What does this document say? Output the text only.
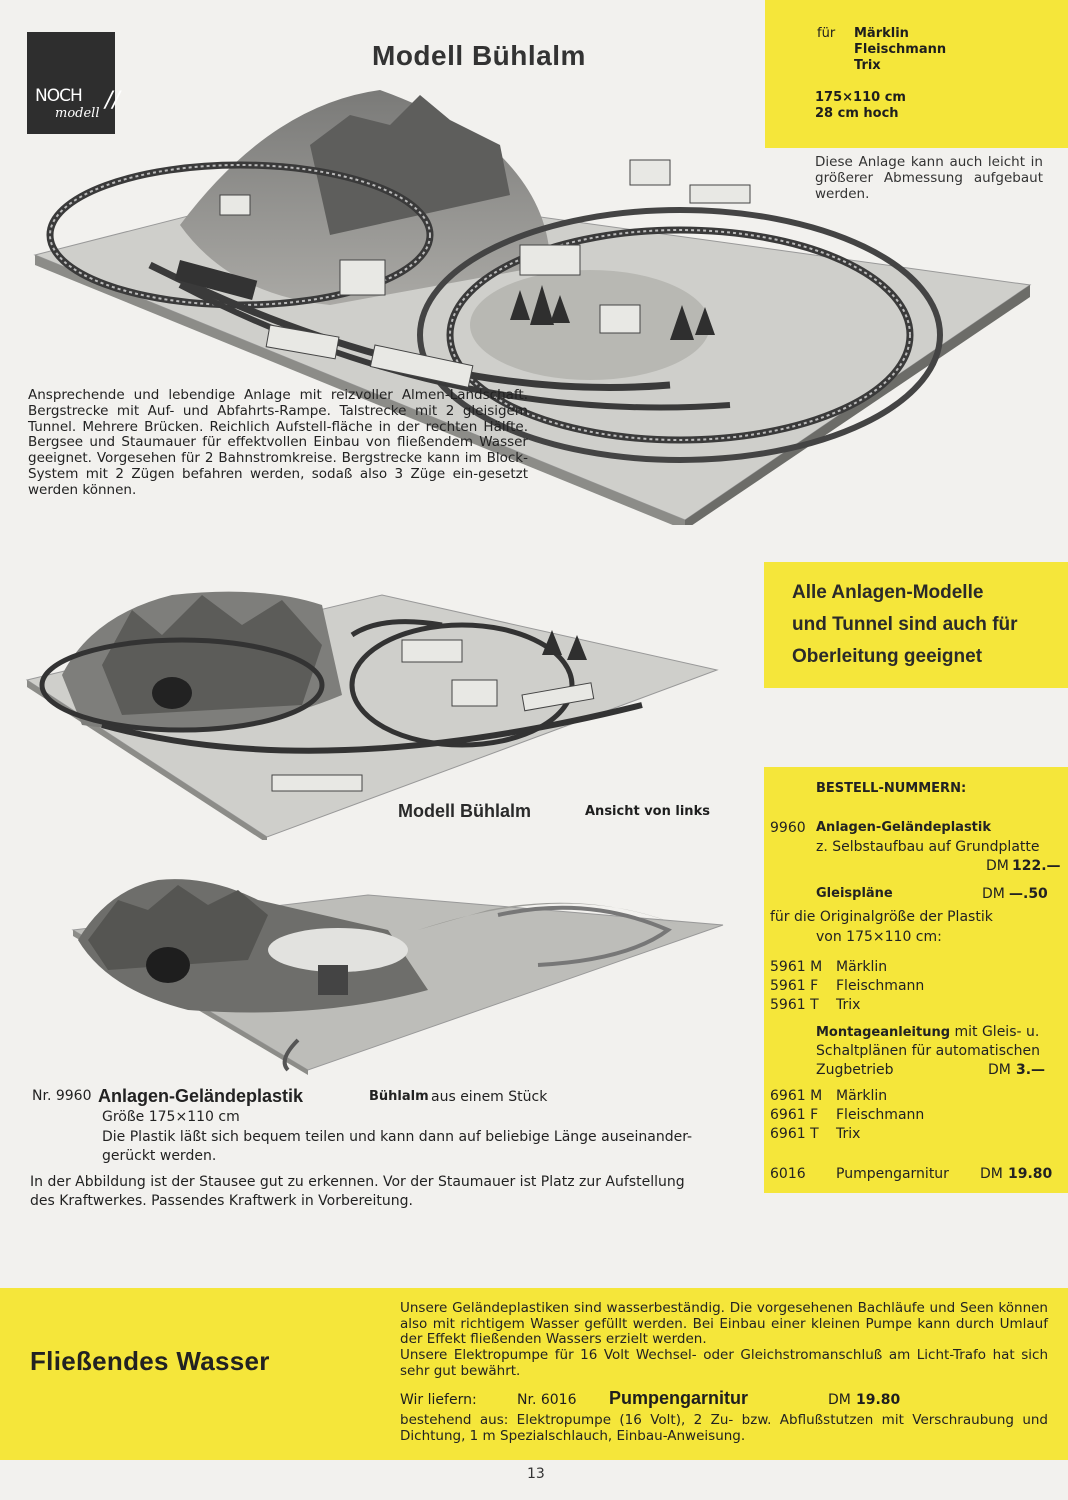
NOCH
modell
//
Modell Bühlalm
für Märklin
Fleischmann
Trix
175×110 cm
28 cm hoch
Diese Anlage kann auch leicht in größerer Abmessung aufgebaut werden.
Ansprechende und lebendige Anlage mit reizvoller Almen-Landschaft. Bergstrecke mit Auf- und Abfahrts-Rampe. Talstrecke mit 2 gleisigem Tunnel. Mehrere Brücken. Reichlich Aufstell-fläche in der rechten Hälfte. Bergsee und Staumauer für effektvollen Einbau von fließendem Wasser geeignet. Vorgesehen für 2 Bahnstromkreise. Bergstrecke kann im Block-System mit 2 Zügen befahren werden, sodaß also 3 Züge ein-gesetzt werden können.
Alle Anlagen-Modelle
und Tunnel sind auch für
Oberleitung geeignet
Modell Bühlalm	Ansicht von links
BESTELL-NUMMERN:
9960 Anlagen-Geländeplastik
z. Selbstaufbau auf Grundplatte
DM 122.—
Gleispläne	DM —.50
für die Originalgröße der Plastik
von 175×110 cm:
5961 M Märklin
5961 F Fleischmann
5961 T Trix
Montageanleitung mit Gleis- u.
Schaltplänen für automatischen
Zugbetrieb	DM 3.—
6961 M Märklin
6961 F Fleischmann
6961 T Trix
6016 Pumpengarnitur DM 19.80
Nr. 9960 Anlagen-Geländeplastik	Bühlalm aus einem Stück
Größe 175×110 cm
Die Plastik läßt sich bequem teilen und kann dann auf beliebige Länge auseinander-
gerückt werden.
In der Abbildung ist der Stausee gut zu erkennen. Vor der Staumauer ist Platz zur Aufstellung
des Kraftwerkes. Passendes Kraftwerk in Vorbereitung.
Fließendes Wasser
Unsere Geländeplastiken sind wasserbeständig. Die vorgesehenen Bachläufe und Seen können also mit richtigem Wasser gefüllt werden. Bei Einbau einer kleinen Pumpe kann durch Umlauf der Effekt fließenden Wassers erzielt werden.
Unsere Elektropumpe für 16 Volt Wechsel- oder Gleichstromanschluß am Licht-Trafo hat sich sehr gut bewährt.
Wir liefern:	Nr. 6016 Pumpengarnitur	DM 19.80
bestehend aus: Elektropumpe (16 Volt), 2 Zu- bzw. Abflußstutzen mit Verschraubung und Dichtung, 1 m Spezialschlauch, Einbau-Anweisung.
13
